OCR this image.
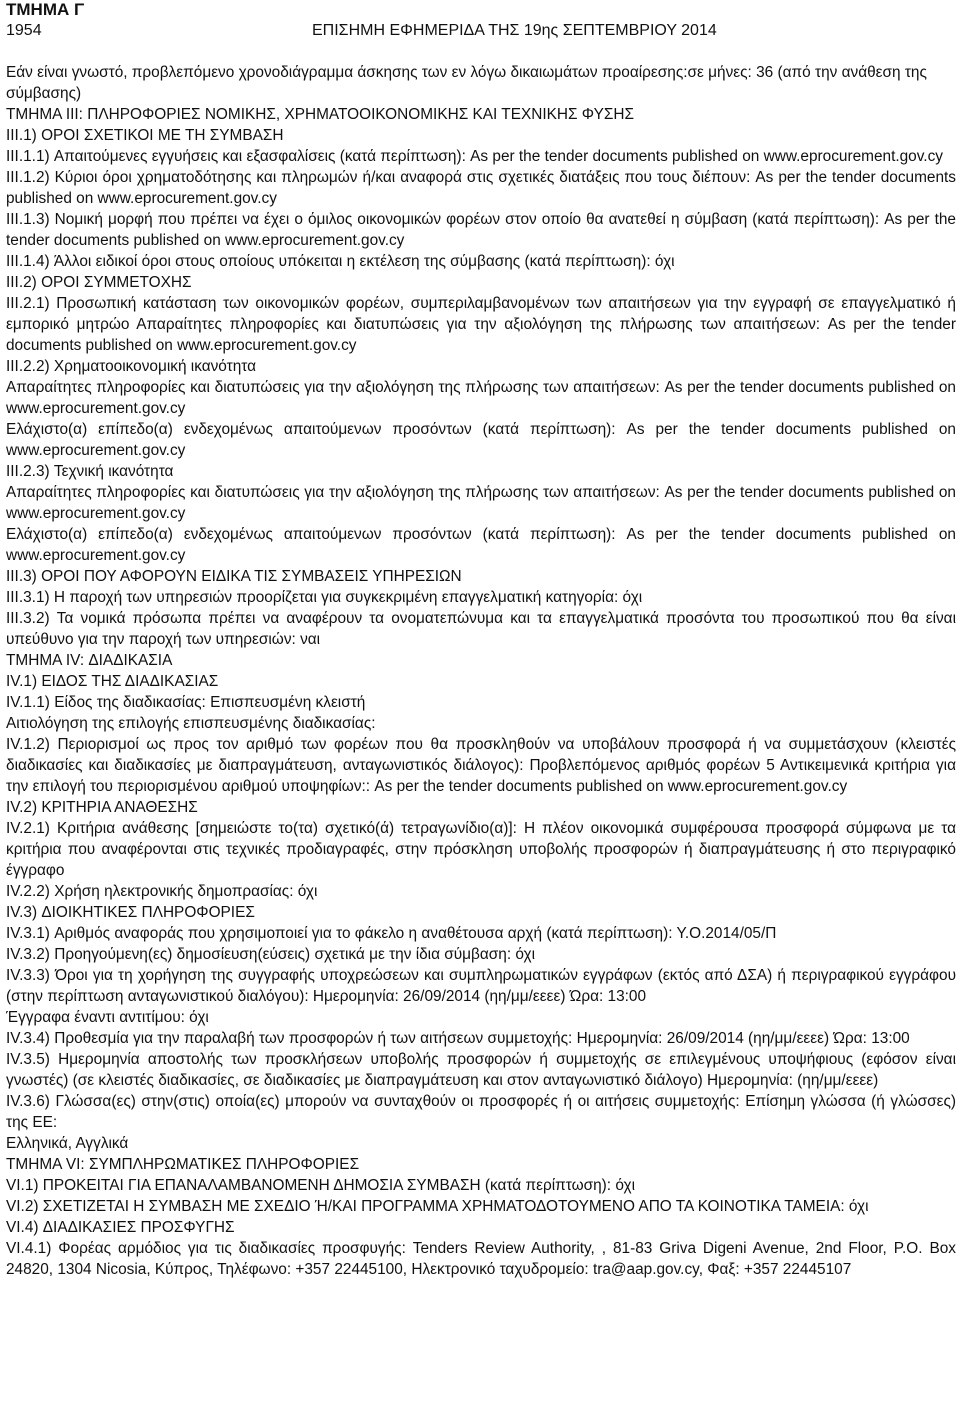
ΤΜΗΜΑ Γ
1954	ΕΠΙΣΗΜΗ ΕΦΗΜΕΡΙΔΑ ΤΗΣ 19ης ΣΕΠΤΕΜΒΡΙΟΥ 2014

Εάν είναι γνωστό, προβλεπόμενο χρονοδιάγραμμα άσκησης των εν λόγω δικαιωμάτων προαίρεσης:σε μήνες: 36 (από την ανάθεση της σύμβασης)

ΤΜΗΜΑ III: ΠΛΗΡΟΦΟΡΙΕΣ ΝΟΜΙΚΗΣ, ΧΡΗΜΑΤΟΟΙΚΟΝΟΜΙΚΗΣ ΚΑΙ ΤΕΧΝΙΚΗΣ ΦΥΣΗΣ

III.1) ΟΡΟΙ ΣΧΕΤΙΚΟΙ ΜΕ ΤΗ ΣΥΜΒΑΣΗ

III.1.1) Απαιτούμενες εγγυήσεις και εξασφαλίσεις (κατά περίπτωση): As per the tender documents published on www.eprocurement.gov.cy

III.1.2) Κύριοι όροι χρηματοδότησης και πληρωμών ή/και αναφορά στις σχετικές διατάξεις που τους διέπουν: As per the tender documents published on www.eprocurement.gov.cy

III.1.3) Νομική μορφή που πρέπει να έχει ο όμιλος οικονομικών φορέων στον οποίο θα ανατεθεί η σύμβαση (κατά περίπτωση): As per the tender documents published on www.eprocurement.gov.cy

III.1.4) Άλλοι ειδικοί όροι στους οποίους υπόκειται η εκτέλεση της σύμβασης (κατά περίπτωση): όχι

III.2) ΟΡΟΙ ΣΥΜΜΕΤΟΧΗΣ

III.2.1) Προσωπική κατάσταση των οικονομικών φορέων, συμπεριλαμβανομένων των απαιτήσεων για την εγγραφή σε επαγγελματικό ή εμπορικό μητρώο Απαραίτητες πληροφορίες και διατυπώσεις για την αξιολόγηση της πλήρωσης των απαιτήσεων: As per the tender documents published on www.eprocurement.gov.cy

III.2.2) Χρηματοοικονομική ικανότητα

Απαραίτητες πληροφορίες και διατυπώσεις για την αξιολόγηση της πλήρωσης των απαιτήσεων: As per the tender documents published on www.eprocurement.gov.cy

Ελάχιστο(α) επίπεδο(α) ενδεχομένως απαιτούμενων προσόντων (κατά περίπτωση): As per the tender documents published on www.eprocurement.gov.cy

III.2.3) Τεχνική ικανότητα

Απαραίτητες πληροφορίες και διατυπώσεις για την αξιολόγηση της πλήρωσης των απαιτήσεων: As per the tender documents published on www.eprocurement.gov.cy

Ελάχιστο(α) επίπεδο(α) ενδεχομένως απαιτούμενων προσόντων (κατά περίπτωση): As per the tender documents published on www.eprocurement.gov.cy

III.3) ΟΡΟΙ ΠΟΥ ΑΦΟΡΟΥΝ ΕΙΔΙΚΑ ΤΙΣ ΣΥΜΒΑΣΕΙΣ ΥΠΗΡΕΣΙΩΝ

III.3.1) Η παροχή των υπηρεσιών προορίζεται για συγκεκριμένη επαγγελματική κατηγορία: όχι

III.3.2) Τα νομικά πρόσωπα πρέπει να αναφέρουν τα ονοματεπώνυμα και τα επαγγελματικά προσόντα του προσωπικού που θα είναι υπεύθυνο για την παροχή των υπηρεσιών: ναι

ΤΜΗΜΑ IV: ΔΙΑΔΙΚΑΣΙΑ

IV.1) ΕΙΔΟΣ ΤΗΣ ΔΙΑΔΙΚΑΣΙΑΣ

IV.1.1) Είδος της διαδικασίας: Επισπευσμένη κλειστή

Αιτιολόγηση της επιλογής επισπευσμένης διαδικασίας:

IV.1.2) Περιορισμοί ως προς τον αριθμό των φορέων που θα προσκληθούν να υποβάλουν προσφορά ή να συμμετάσχουν (κλειστές διαδικασίες και διαδικασίες με διαπραγμάτευση, ανταγωνιστικός διάλογος): Προβλεπόμενος αριθμός φορέων 5 Αντικειμενικά κριτήρια για την επιλογή του περιορισμένου αριθμού υποψηφίων:: As per the tender documents published on www.eprocurement.gov.cy

IV.2) ΚΡΙΤΗΡΙΑ ΑΝΑΘΕΣΗΣ

IV.2.1) Κριτήρια ανάθεσης [σημειώστε το(τα) σχετικό(ά) τετραγωνίδιο(α)]: Η πλέον οικονομικά συμφέρουσα προσφορά σύμφωνα με τα κριτήρια που αναφέρονται στις τεχνικές προδιαγραφές, στην πρόσκληση υποβολής προσφορών ή διαπραγμάτευσης ή στο περιγραφικό έγγραφο

IV.2.2) Χρήση ηλεκτρονικής δημοπρασίας: όχι

IV.3) ΔΙΟΙΚΗΤΙΚΕΣ ΠΛΗΡΟΦΟΡΙΕΣ

IV.3.1) Αριθμός αναφοράς που χρησιμοποιεί για το φάκελο η αναθέτουσα αρχή (κατά περίπτωση): Υ.Ο.2014/05/Π

IV.3.2) Προηγούμενη(ες) δημοσίευση(εύσεις) σχετικά με την ίδια σύμβαση: όχι

IV.3.3) Όροι για τη χορήγηση της συγγραφής υποχρεώσεων και συμπληρωματικών εγγράφων (εκτός από ΔΣΑ) ή περιγραφικού εγγράφου (στην περίπτωση ανταγωνιστικού διαλόγου): Ημερομηνία: 26/09/2014 (ηη/μμ/εεεε) Ώρα: 13:00

Έγγραφα έναντι αντιτίμου: όχι

IV.3.4) Προθεσμία για την παραλαβή των προσφορών ή των αιτήσεων συμμετοχής: Ημερομηνία: 26/09/2014 (ηη/μμ/εεεε) Ώρα: 13:00

IV.3.5) Ημερομηνία αποστολής των προσκλήσεων υποβολής προσφορών ή συμμετοχής σε επιλεγμένους υποψήφιους (εφόσον είναι γνωστές) (σε κλειστές διαδικασίες, σε διαδικασίες με διαπραγμάτευση και στον ανταγωνιστικό διάλογο) Ημερομηνία: (ηη/μμ/εεεε)

IV.3.6) Γλώσσα(ες) στην(στις) οποία(ες) μπορούν να συνταχθούν οι προσφορές ή οι αιτήσεις συμμετοχής: Επίσημη γλώσσα (ή γλώσσες) της ΕΕ:

Ελληνικά, Αγγλικά

ΤΜΗΜΑ VI: ΣΥΜΠΛΗΡΩΜΑΤΙΚΕΣ ΠΛΗΡΟΦΟΡΙΕΣ

VI.1) ΠΡΟΚΕΙΤΑΙ ΓΙΑ ΕΠΑΝΑΛΑΜΒΑΝΟΜΕΝΗ ΔΗΜΟΣΙΑ ΣΥΜΒΑΣΗ (κατά περίπτωση): όχι

VI.2) ΣΧΕΤΙΖΕΤΑΙ Η ΣΥΜΒΑΣΗ ΜΕ ΣΧΕΔΙΟ Ή/ΚΑΙ ΠΡΟΓΡΑΜΜΑ ΧΡΗΜΑΤΟΔΟΤΟΥΜΕΝΟ ΑΠΟ ΤΑ ΚΟΙΝΟΤΙΚΑ ΤΑΜΕΙΑ: όχι

VI.4) ΔΙΑΔΙΚΑΣΙΕΣ ΠΡΟΣΦΥΓΗΣ

VI.4.1) Φορέας αρμόδιος για τις διαδικασίες προσφυγής: Tenders Review Authority, , 81-83 Griva Digeni Avenue, 2nd Floor, P.O. Box 24820, 1304 Nicosia, Κύπρος, Τηλέφωνο: +357 22445100, Ηλεκτρονικό ταχυδρομείο: tra@aap.gov.cy, Φαξ: +357 22445107
